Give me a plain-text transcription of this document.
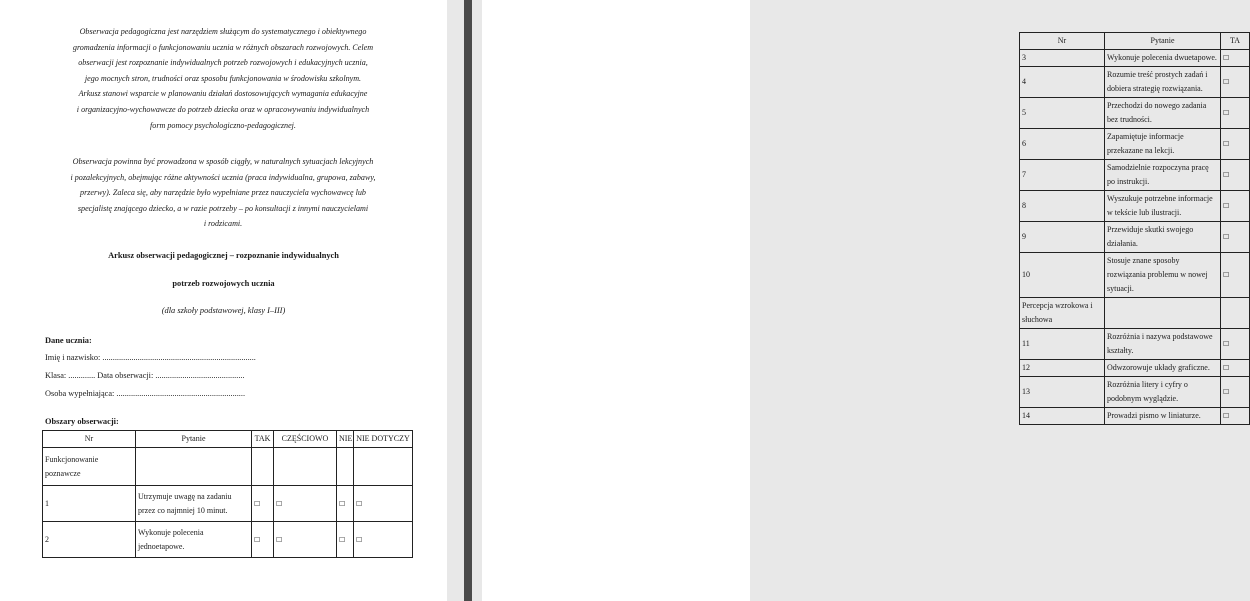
Obserwacja pedagogiczna jest narzędziem służącym do systematycznego i obiektywnego

gromadzenia informacji o funkcjonowaniu ucznia w różnych obszarach rozwojowych. Celem

obserwacji jest rozpoznanie indywidualnych potrzeb rozwojowych i edukacyjnych ucznia,

jego mocnych stron, trudności oraz sposobu funkcjonowania w środowisku szkolnym.

Arkusz stanowi wsparcie w planowaniu działań dostosowujących wymagania edukacyjne

i organizacyjno-wychowawcze do potrzeb dziecka oraz w opracowywaniu indywidualnych

form pomocy psychologiczno-pedagogicznej.

Obserwacja powinna być prowadzona w sposób ciągły, w naturalnych sytuacjach lekcyjnych

i pozalekcyjnych, obejmując różne aktywności ucznia (praca indywidualna, grupowa, zabawy,

przerwy). Zaleca się, aby narzędzie było wypełniane przez nauczyciela wychowawcę lub

specjalistę znającego dziecko, a w razie potrzeby – po konsultacji z innymi nauczycielami

i rodzicami.

Arkusz obserwacji pedagogicznej – rozpoznanie indywidualnych
potrzeb rozwojowych ucznia
(dla szkoły podstawowej, klasy I–III)
Dane ucznia:
Imię i nazwisko: ..........................................................................
Klasa: ............. Data obserwacji: ...........................................
Osoba wypełniająca: ..............................................................
Obszary obserwacji:
Nr	Pytanie	TAK	CZĘŚCIOWO	NIE	NIE DOTYCZY
Funkcjonowanie poznawcze					
1	Utrzymuje uwagę na zadaniu przez co najmniej 10 minut.	☐	☐	☐	☐
2	Wykonuje polecenia jednoetapowe.	☐	☐	☐	☐
Nr	Pytanie	TA
3	Wykonuje polecenia dwuetapowe.	☐
4	Rozumie treść prostych zadań i dobiera strategię rozwiązania.	☐
5	Przechodzi do nowego zadania bez trudności.	☐
6	Zapamiętuje informacje przekazane na lekcji.	☐
7	Samodzielnie rozpoczyna pracę po instrukcji.	☐
8	Wyszukuje potrzebne informacje w tekście lub ilustracji.	☐
9	Przewiduje skutki swojego działania.	☐
10	Stosuje znane sposoby rozwiązania problemu w nowej sytuacji.	☐
Percepcja wzrokowa i słuchowa		
11	Rozróżnia i nazywa podstawowe kształty.	☐
12	Odwzorowuje układy graficzne.	☐
13	Rozróżnia litery i cyfry o podobnym wyglądzie.	☐
14	Prowadzi pismo w liniaturze.	☐
